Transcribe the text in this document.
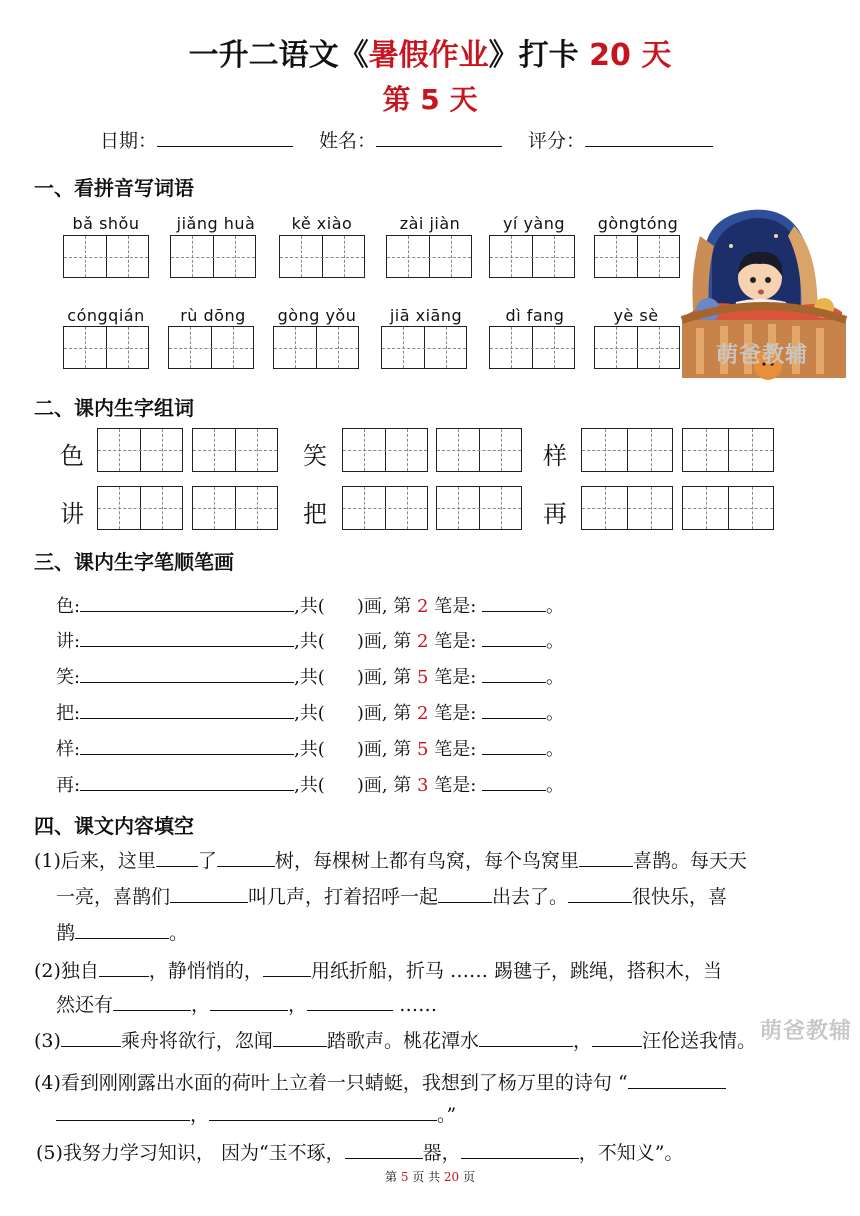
一升二语文《暑假作业》打卡 20 天
第 5 天
日期：	姓名：	评分：
一、看拼音写词语
bǎ shǒu	jiǎng huà	kě xiào	zài jiàn	yí yàng	gòngtóng
cóngqián	rù dōng	gòng yǒu	jiā xiāng	dì fang	yè sè
萌爸教辅
二、课内生字组词
色	笑	样
讲	把	再
三、课内生字笔顺笔画
色:	,共( )画, 第 2 笔是:	。
讲:	,共( )画, 第 2 笔是:	。
笑:	,共( )画, 第 5 笔是:	。
把:	,共( )画, 第 2 笔是:	。
样:	,共( )画, 第 5 笔是:	。
再:	,共( )画, 第 3 笔是:	。
四、课文内容填空
(1)后来，这里 了	树，每棵树上都有鸟窝，每个鸟窝里	喜鹊。每天天
一亮，喜鹊们	叫几声，打着招呼一起	出去了。	很快乐，喜
鹊	。
(2)独自	，静悄悄的，	用纸折船，折马 …… 踢毽子，跳绳，搭积木，当
然还有	，	，	……
(3)	乘舟将欲行，忽闻	踏歌声。桃花潭水	，	汪伦送我情。 萌爸教辅
(4)看到刚刚露出水面的荷叶上立着一只蜻蜓，我想到了杨万里的诗句 “
，	。”
(5)我努力学习知识， 因为“玉不琢，	器，	，不知义”。
第 5 页 共 20 页
